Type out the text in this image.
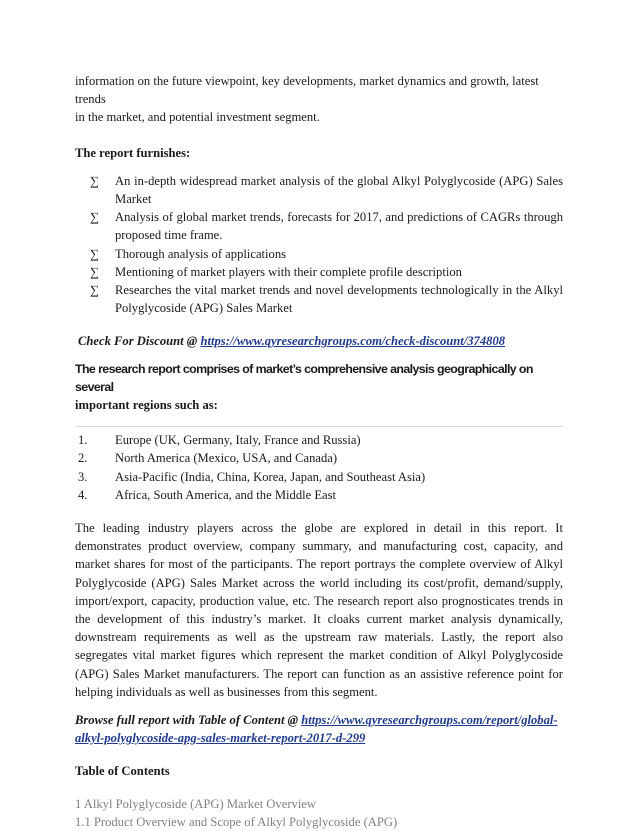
information on the future viewpoint, key developments, market dynamics and growth, latest trends
in the market, and potential investment segment.

The report furnishes:

∑ An in-depth widespread market analysis of the global Alkyl Polyglycoside (APG) Sales Market
∑ Analysis of global market trends, forecasts for 2017, and predictions of CAGRs through proposed time frame.
∑ Thorough analysis of applications
∑ Mentioning of market players with their complete profile description
∑ Researches the vital market trends and novel developments technologically in the Alkyl Polyglycoside (APG) Sales Market

Check For Discount @ https://www.qyresearchgroups.com/check-discount/374808

The research report comprises of market’s comprehensive analysis geographically on several
important regions such as:

1. Europe (UK, Germany, Italy, France and Russia)
2. North America (Mexico, USA, and Canada)
3. Asia-Pacific (India, China, Korea, Japan, and Southeast Asia)
4. Africa, South America, and the Middle East

The leading industry players across the globe are explored in detail in this report. It demonstrates product overview, company summary, and manufacturing cost, capacity, and market shares for most of the participants. The report portrays the complete overview of Alkyl Polyglycoside (APG) Sales Market across the world including its cost/profit, demand/supply, import/export, capacity, production value, etc. The research report also prognosticates trends in the development of this industry’s market. It cloaks current market analysis dynamically, downstream requirements as well as the upstream raw materials. Lastly, the report also segregates vital market figures which represent the market condition of Alkyl Polyglycoside (APG) Sales Market manufacturers. The report can function as an assistive reference point for helping individuals as well as businesses from this segment.

Browse full report with Table of Content @ https://www.qyresearchgroups.com/report/global-alkyl-polyglycoside-apg-sales-market-report-2017-d-299

Table of Contents

1 Alkyl Polyglycoside (APG) Market Overview

1.1 Product Overview and Scope of Alkyl Polyglycoside (APG)
